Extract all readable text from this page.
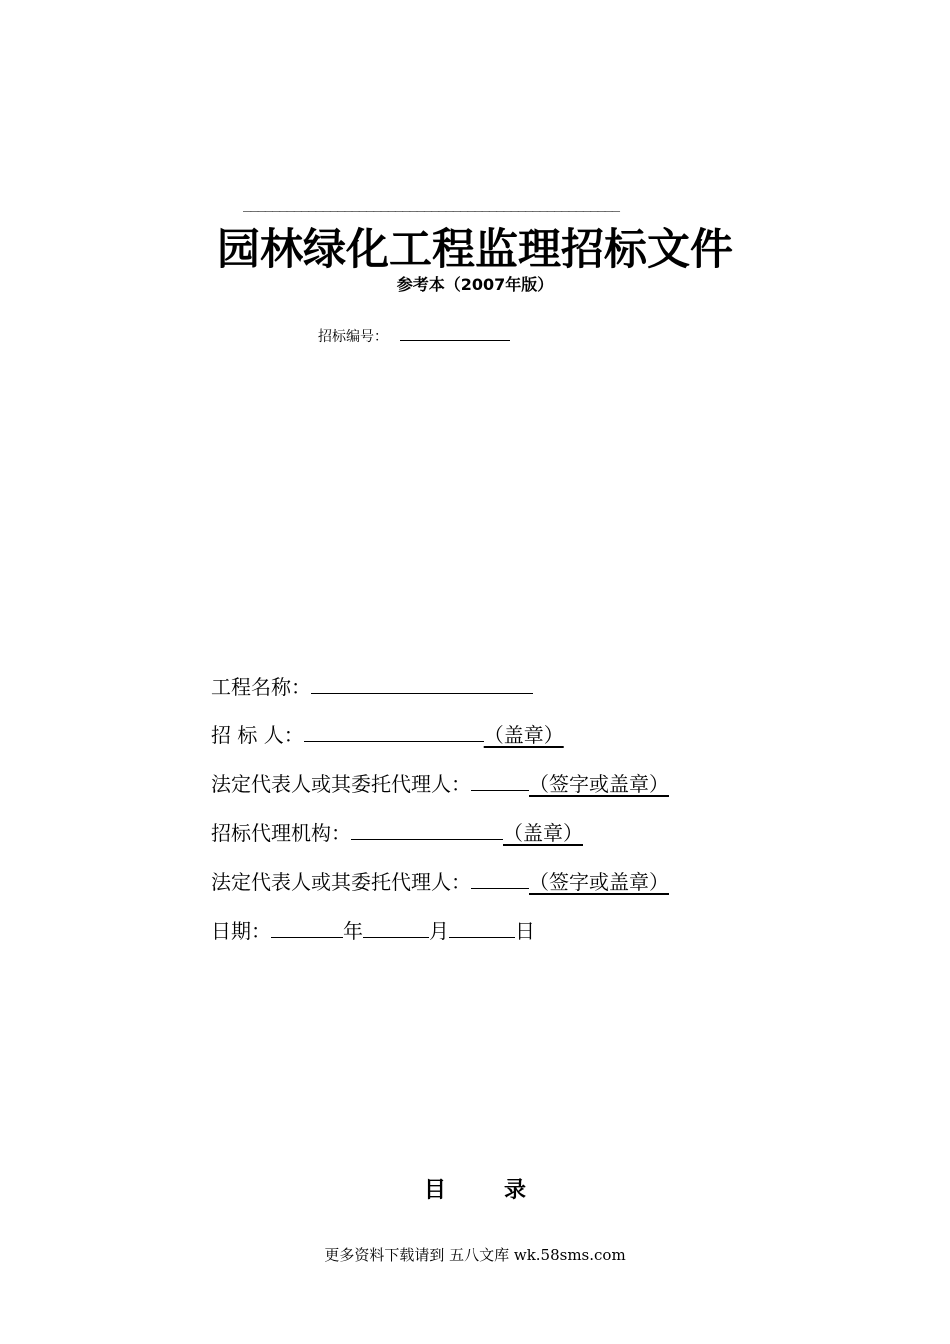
____________________________________________________
园林绿化工程监理招标文件
参考本（2007年版）
招标编号：
工程名称：
招 标 人：	（盖章）
法定代表人或其委托代理人：	（签字或盖章）
招标代理机构：	（盖章）
法定代表人或其委托代理人：	（签字或盖章）
日期：	年	月	日
目	录
更多资料下载请到 五八文库 wk.58sms.com
